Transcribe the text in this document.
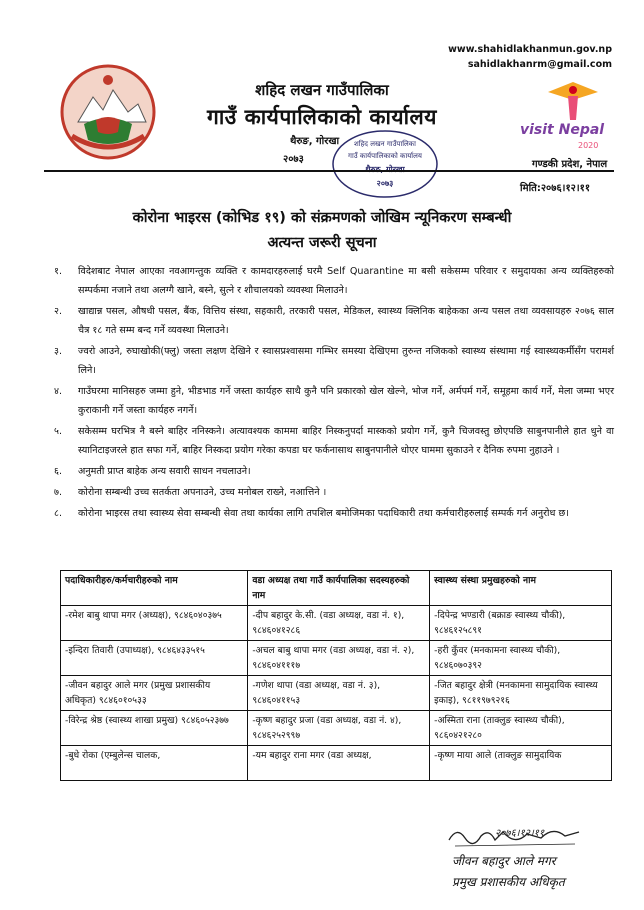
www.shahidlakhanmun.gov.np
sahidlakhanrm@gmail.com
शहिद लखन गाउँपालिका
गाउँ कार्यपालिकाको कार्यालय
थैरुङ, गोरखा
२०७३
शहिद लखन गाउँपालिका
गाउँ कार्यपालिकाको कार्यालय
२०७३
visit Nepal
2020
गण्डकी प्रदेश, नेपाल
मिति:२०७६।१२।११
कोरोना भाइरस (कोभिड १९) को संक्रमणको जोखिम न्यूनिकरण सम्बन्धी
अत्यन्त जरूरी सूचना
१. विदेशबाट नेपाल आएका नवआगन्तुक व्यक्ति र कामदारहरुलाई घरमै Self Quarantine मा बसी सकेसम्म परिवार र समुदायका अन्य व्यक्तिहरुको सम्पर्कमा नजाने तथा अलग्गै खाने, बस्ने, सुत्ने र शौचालयको व्यवस्था मिलाउने।
२. खाद्यान्न पसल, औषधी पसल, बैंक, वित्तिय संस्था, सहकारी, तरकारी पसल, मेडिकल, स्वास्थ्य क्लिनिक बाहेकका अन्य पसल तथा व्यवसायहरु २०७६ साल चैत्र १८ गते सम्म बन्द गर्ने व्यवस्था मिलाउने।
३. ज्वरो आउने, रुघाखोकी(फ्लु) जस्ता लक्षण देखिने र स्वासप्रश्वासमा गम्भिर समस्या देखिएमा तुरुन्त नजिकको स्वास्थ्य संस्थामा गई स्वास्थ्यकर्मीसँग परामर्श लिने।
४. गाउँघरमा मानिसहरु जम्मा हुने, भीडभाड गर्ने जस्ता कार्यहरु साथै कुनै पनि प्रकारको खेल खेल्ने, भोज गर्ने, अर्मपर्म गर्ने, समूहमा कार्य गर्ने, मेला जम्मा भएर कुराकानी गर्ने जस्ता कार्यहरु नगर्ने।
५. सकेसम्म घरभित्र नै बस्ने बाहिर ननिस्कने। अत्यावश्यक काममा बाहिर निस्कनुपर्दा मास्कको प्रयोग गर्ने, कुनै चिजवस्तु छोएपछि साबुनपानीले हात धुने वा स्यानिटाइजरले हात सफा गर्ने, बाहिर निस्कदा प्रयोग गरेका कपडा घर फर्कनासाथ साबुनपानीले धोएर घाममा सुकाउने र दैनिक रुपमा नुहाउने ।
६. अनुमती प्राप्त बाहेक अन्य सवारी साधन नचलाउने।
७. कोरोना सम्बन्धी उच्च सतर्कता अपनाउने, उच्च मनोबल राख्ने, नआत्तिने ।
८. कोरोना भाइरस तथा स्वास्थ्य सेवा सम्बन्धी सेवा तथा कार्यका लागि तपशिल बमोजिमका पदाधिकारी तथा कर्मचारीहरुलाई सम्पर्क गर्न अनुरोध छ।
पदाधिकारीहरु/कर्मचारीहरुको नाम	वडा अध्यक्ष तथा गाउँ कार्यपालिका सदस्यहरुको नाम	स्वास्थ्य संस्था प्रमुखहरुको नाम
-रमेश बाबु थापा मगर (अध्यक्ष), ९८४६०४०३७५	-दीप बहादुर के.सी. (वडा अध्यक्ष, वडा नं. १), ९८४६०४१२८६	-दिपेन्द्र भण्डारी (बक्राङ स्वास्थ्य चौकी), ९८४६१२५८९१
-इन्दिरा तिवारी (उपाध्यक्ष), ९८४६४३३५१५	-अचल बाबु थापा मगर (वडा अध्यक्ष, वडा नं. २), ९८४६०४१११७	-हरी कुँवर (मनकामना स्वास्थ्य चौकी), ९८४६०७०३९२
-जीवन बहादुर आले मगर (प्रमुख प्रशासकीय अधिकृत) ९८४६०१०५३३	-गणेश थापा (वडा अध्यक्ष, वडा नं. ३), ९८४६०४११५३	-जित बहादुर क्षेत्री (मनकामना सामुदायिक स्वास्थ्य इकाइ), ९८११९७९२१६
-विरेन्द्र श्रेष्ठ (स्वास्थ्य शाखा प्रमुख) ९८४६०५२३७७	-कृष्ण बहादुर प्रजा (वडा अध्यक्ष, वडा नं. ४), ९८४६२५२९९७	-अस्मिता राना (ताक्लुङ स्वास्थ्य चौकी), ९८६०४२१२८०
-बुधे रोका (एम्बुलेन्स चालक,	-यम बहादुर राना मगर (वडा अध्यक्ष,	-कृष्ण माया आले (ताक्लुङ सामुदायिक
२०७६।१२।११
जीवन बहादुर आले मगर
प्रमुख प्रशासकीय अधिकृत
